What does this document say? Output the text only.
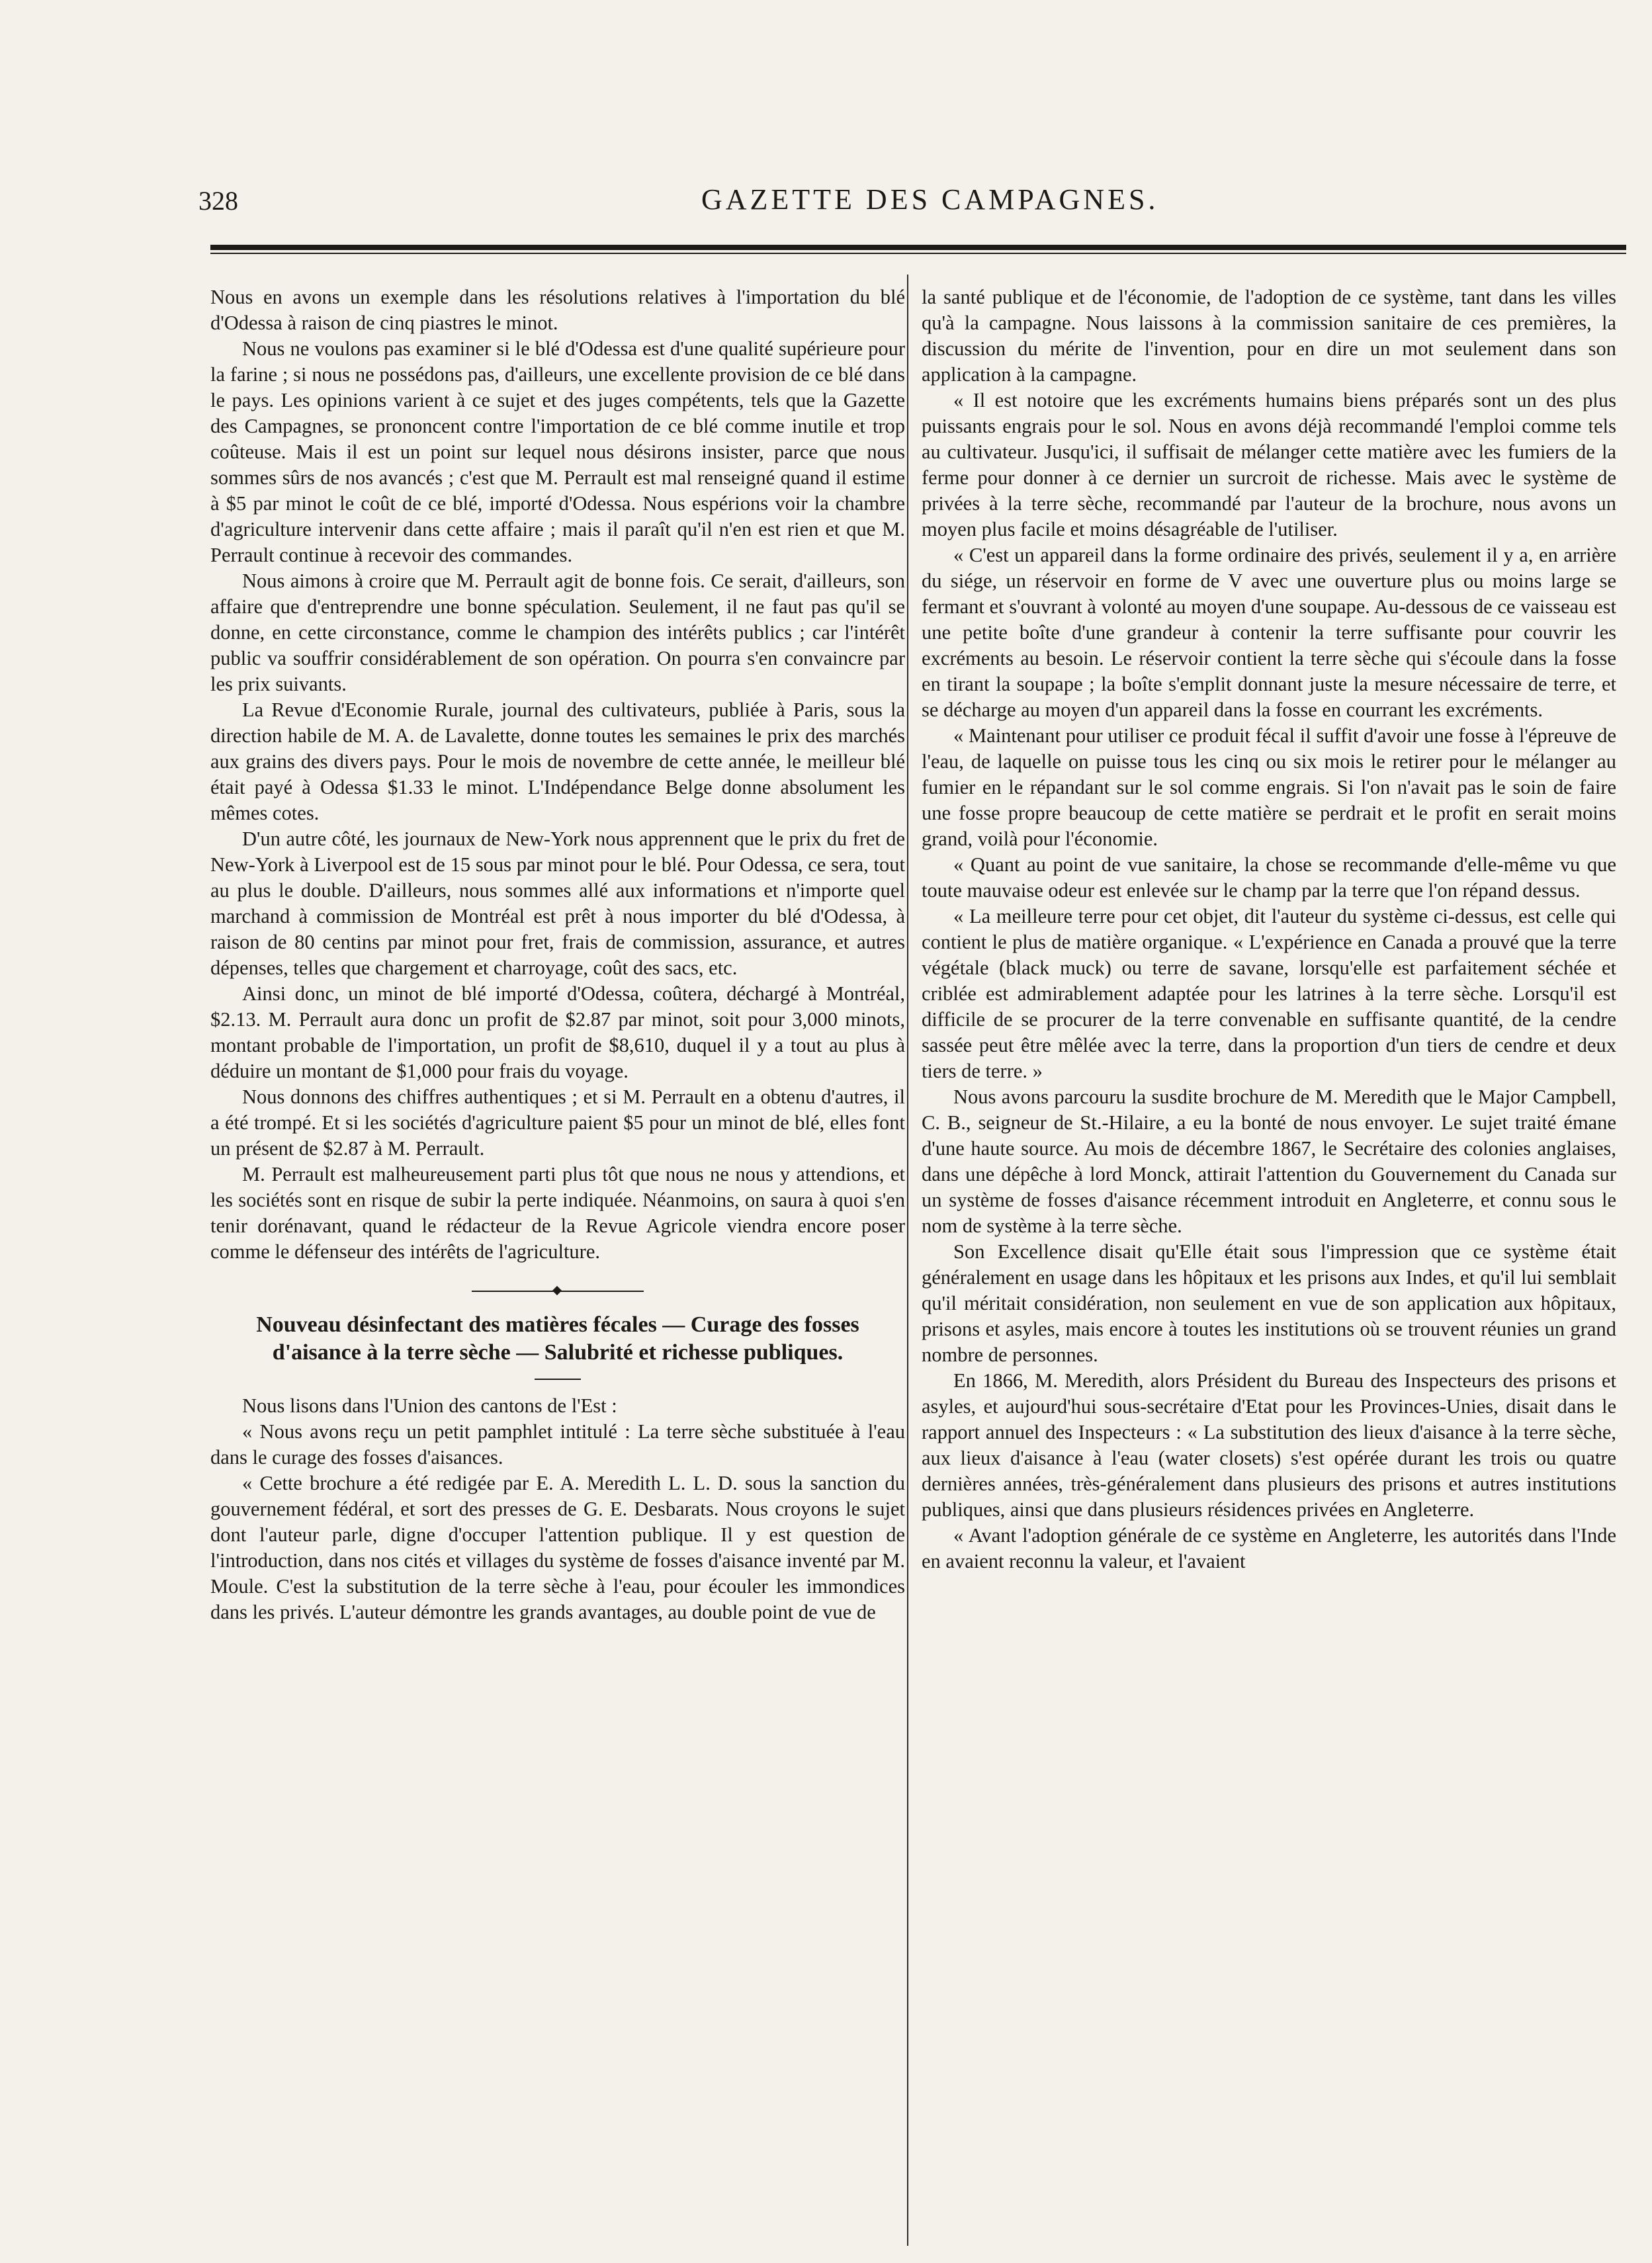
328	GAZETTE DES CAMPAGNES.

Nous en avons un exemple dans les résolutions relatives à l'importation du blé d'Odessa à raison de cinq piastres le minot.

Nous ne voulons pas examiner si le blé d'Odessa est d'une qualité supérieure pour la farine ; si nous ne possédons pas, d'ailleurs, une excellente provision de ce blé dans le pays. Les opinions varient à ce sujet et des juges compétents, tels que la Gazette des Campagnes, se prononcent contre l'importation de ce blé comme inutile et trop coûteuse. Mais il est un point sur lequel nous désirons insister, parce que nous sommes sûrs de nos avancés ; c'est que M. Perrault est mal renseigné quand il estime à $5 par minot le coût de ce blé, importé d'Odessa. Nous espérions voir la chambre d'agriculture intervenir dans cette affaire ; mais il paraît qu'il n'en est rien et que M. Perrault continue à recevoir des commandes.

Nous aimons à croire que M. Perrault agit de bonne fois. Ce serait, d'ailleurs, son affaire que d'entreprendre une bonne spéculation. Seulement, il ne faut pas qu'il se donne, en cette circonstance, comme le champion des intérêts publics ; car l'intérêt public va souffrir considérablement de son opération. On pourra s'en convaincre par les prix suivants.

La Revue d'Economie Rurale, journal des cultivateurs, publiée à Paris, sous la direction habile de M. A. de Lavalette, donne toutes les semaines le prix des marchés aux grains des divers pays. Pour le mois de novembre de cette année, le meilleur blé était payé à Odessa $1.33 le minot. L'Indépendance Belge donne absolument les mêmes cotes.

D'un autre côté, les journaux de New-York nous apprennent que le prix du fret de New-York à Liverpool est de 15 sous par minot pour le blé. Pour Odessa, ce sera, tout au plus le double. D'ailleurs, nous sommes allé aux informations et n'importe quel marchand à commission de Montréal est prêt à nous importer du blé d'Odessa, à raison de 80 centins par minot pour fret, frais de commission, assurance, et autres dépenses, telles que chargement et charroyage, coût des sacs, etc.

Ainsi donc, un minot de blé importé d'Odessa, coûtera, déchargé à Montréal, $2.13. M. Perrault aura donc un profit de $2.87 par minot, soit pour 3,000 minots, montant probable de l'importation, un profit de $8,610, duquel il y a tout au plus à déduire un montant de $1,000 pour frais du voyage.

Nous donnons des chiffres authentiques ; et si M. Perrault en a obtenu d'autres, il a été trompé. Et si les sociétés d'agriculture paient $5 pour un minot de blé, elles font un présent de $2.87 à M. Perrault.

M. Perrault est malheureusement parti plus tôt que nous ne nous y attendions, et les sociétés sont en risque de subir la perte indiquée. Néanmoins, on saura à quoi s'en tenir dorénavant, quand le rédacteur de la Revue Agricole viendra encore poser comme le défenseur des intérêts de l'agriculture.

Nouveau désinfectant des matières fécales — Curage des fosses d'aisance à la terre sèche — Salubrité et richesse publiques.

Nous lisons dans l'Union des cantons de l'Est :

« Nous avons reçu un petit pamphlet intitulé : La terre sèche substituée à l'eau dans le curage des fosses d'aisances.

« Cette brochure a été redigée par E. A. Meredith L. L. D. sous la sanction du gouvernement fédéral, et sort des presses de G. E. Desbarats. Nous croyons le sujet dont l'auteur parle, digne d'occuper l'attention publique. Il y est question de l'introduction, dans nos cités et villages du système de fosses d'aisance inventé par M. Moule. C'est la substitution de la terre sèche à l'eau, pour écouler les immondices dans les privés. L'auteur démontre les grands avantages, au double point de vue de

la santé publique et de l'économie, de l'adoption de ce système, tant dans les villes qu'à la campagne. Nous laissons à la commission sanitaire de ces premières, la discussion du mérite de l'invention, pour en dire un mot seulement dans son application à la campagne.

« Il est notoire que les excréments humains biens préparés sont un des plus puissants engrais pour le sol. Nous en avons déjà recommandé l'emploi comme tels au cultivateur. Jusqu'ici, il suffisait de mélanger cette matière avec les fumiers de la ferme pour donner à ce dernier un surcroit de richesse. Mais avec le système de privées à la terre sèche, recommandé par l'auteur de la brochure, nous avons un moyen plus facile et moins désagréable de l'utiliser.

« C'est un appareil dans la forme ordinaire des privés, seulement il y a, en arrière du siége, un réservoir en forme de V avec une ouverture plus ou moins large se fermant et s'ouvrant à volonté au moyen d'une soupape. Au-dessous de ce vaisseau est une petite boîte d'une grandeur à contenir la terre suffisante pour couvrir les excréments au besoin. Le réservoir contient la terre sèche qui s'écoule dans la fosse en tirant la soupape ; la boîte s'emplit donnant juste la mesure nécessaire de terre, et se décharge au moyen d'un appareil dans la fosse en courrant les excréments.

« Maintenant pour utiliser ce produit fécal il suffit d'avoir une fosse à l'épreuve de l'eau, de laquelle on puisse tous les cinq ou six mois le retirer pour le mélanger au fumier en le répandant sur le sol comme engrais. Si l'on n'avait pas le soin de faire une fosse propre beaucoup de cette matière se perdrait et le profit en serait moins grand, voilà pour l'économie.

« Quant au point de vue sanitaire, la chose se recommande d'elle-même vu que toute mauvaise odeur est enlevée sur le champ par la terre que l'on répand dessus.

« La meilleure terre pour cet objet, dit l'auteur du système ci-dessus, est celle qui contient le plus de matière organique. « L'expérience en Canada a prouvé que la terre végétale (black muck) ou terre de savane, lorsqu'elle est parfaitement séchée et criblée est admirablement adaptée pour les latrines à la terre sèche. Lorsqu'il est difficile de se procurer de la terre convenable en suffisante quantité, de la cendre sassée peut être mêlée avec la terre, dans la proportion d'un tiers de cendre et deux tiers de terre. »

Nous avons parcouru la susdite brochure de M. Meredith que le Major Campbell, C. B., seigneur de St.-Hilaire, a eu la bonté de nous envoyer. Le sujet traité émane d'une haute source. Au mois de décembre 1867, le Secrétaire des colonies anglaises, dans une dépêche à lord Monck, attirait l'attention du Gouvernement du Canada sur un système de fosses d'aisance récemment introduit en Angleterre, et connu sous le nom de système à la terre sèche.

Son Excellence disait qu'Elle était sous l'impression que ce système était généralement en usage dans les hôpitaux et les prisons aux Indes, et qu'il lui semblait qu'il méritait considération, non seulement en vue de son application aux hôpitaux, prisons et asyles, mais encore à toutes les institutions où se trouvent réunies un grand nombre de personnes.

En 1866, M. Meredith, alors Président du Bureau des Inspecteurs des prisons et asyles, et aujourd'hui sous-secrétaire d'Etat pour les Provinces-Unies, disait dans le rapport annuel des Inspecteurs : « La substitution des lieux d'aisance à la terre sèche, aux lieux d'aisance à l'eau (water closets) s'est opérée durant les trois ou quatre dernières années, très-généralement dans plusieurs des prisons et autres institutions publiques, ainsi que dans plusieurs résidences privées en Angleterre.

« Avant l'adoption générale de ce système en Angleterre, les autorités dans l'Inde en avaient reconnu la valeur, et l'avaient
